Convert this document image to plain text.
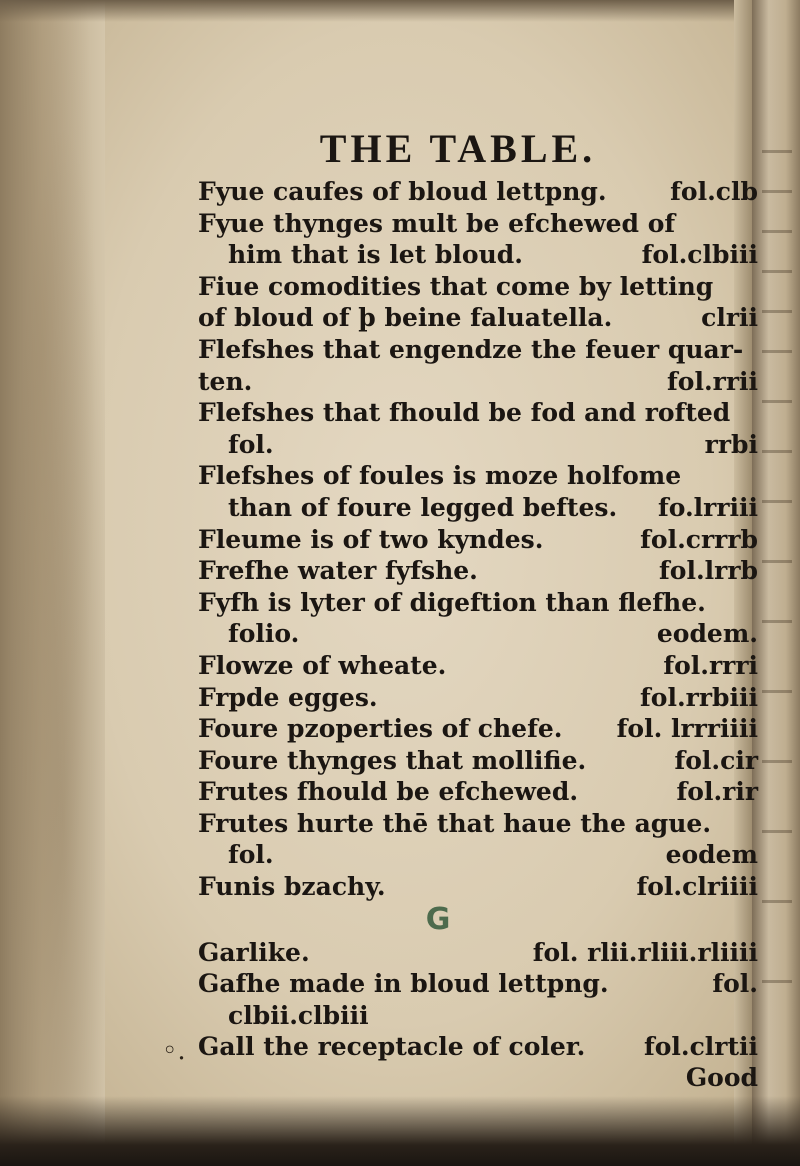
THE TABLE.
Fyue caufes of bloud lettpng.	fol.clb
Fyue thynges mult be efchewed of
him that is let bloud.	fol.clbiii
Fiue comodities that come by letting
of bloud of þ beine faluatella.	clrii
Flefshes that engendze the feuer quar-
ten.	fol.rrii
Flefshes that fhould be fod and rofted
fol.	rrbi
Flefshes of foules is moze holfome
than of foure legged beftes. fo.lrriii
Fleume is of two kyndes.	fol.crrrb
Frefhe water fyfshe.	fol.lrrb
Fyfh is lyter of digeftion than flefhe.
folio.	eodem.
Flowze of wheate.	fol.rrri
Frpde egges.	fol.rrbiii
Foure pzoperties of chefe. fol. lrrriiii
Foure thynges that mollifie.	fol.cir
Frutes fhould be efchewed.	fol.rir
Frutes hurte thē that haue the ague.
fol.	eodem
Funis bzachy.	fol.clriiii
G
Garlike.	fol. rlii.rliii.rliiii
Gafhe made in bloud lettpng.	fol.
clbii.clbiii
Gall the receptacle of coler. fol.clrtii
Good
◦.
